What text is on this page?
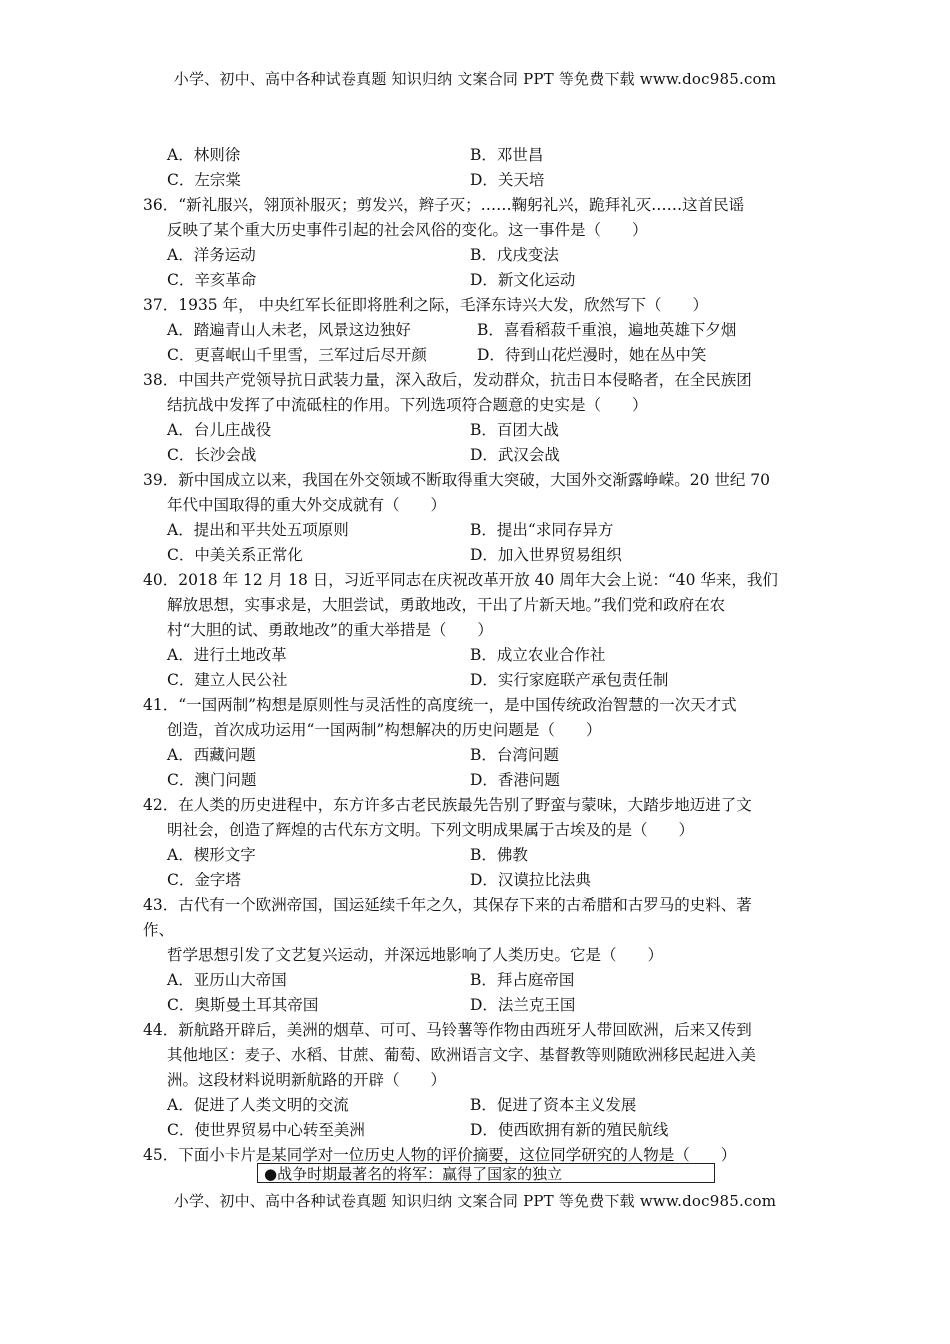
小学、初中、高中各种试卷真题 知识归纳 文案合同 PPT 等免费下载 www.doc985.com
A．林则徐	B．邓世昌
C．左宗棠	D．关天培
36．“新礼服兴，翎顶补服灭；剪发兴，辫子灭；……鞠躬礼兴，跪拜礼灭……这首民谣
反映了某个重大历史事件引起的社会风俗的变化。这一事件是（　　）
A．洋务运动	B．戊戌变法
C．辛亥革命	D．新文化运动
37．1935 年， 中央红军长征即将胜利之际，毛泽东诗兴大发，欣然写下（　　）
A．踏遍青山人未老，风景这边独好	B．喜看稻菽千重浪，遍地英雄下夕烟
C．更喜岷山千里雪，三军过后尽开颜	D．待到山花烂漫时，她在丛中笑
38．中国共产党领导抗日武装力量，深入敌后，发动群众，抗击日本侵略者，在全民族团
结抗战中发挥了中流砥柱的作用。下列选项符合题意的史实是（　　）
A．台儿庄战役	B．百团大战
C．长沙会战	D．武汉会战
39．新中国成立以来，我国在外交领域不断取得重大突破，大国外交渐露峥嵘。20 世纪 70
年代中国取得的重大外交成就有（　　）
A．提出和平共处五项原则	B．提出“求同存异方
C．中美关系正常化	D．加入世界贸易组织
40．2018 年 12 月 18 日，习近平同志在庆祝改革开放 40 周年大会上说：“40 华来，我们
解放思想，实事求是，大胆尝试，勇敢地改，干出了片新天地。”我们党和政府在农
村“大胆的试、勇敢地改”的重大举措是（　　）
A．进行土地改革	B．成立农业合作社
C．建立人民公社	D．实行家庭联产承包责任制
41．“一国两制”构想是原则性与灵活性的高度统一，是中国传统政治智慧的一次天才式
创造，首次成功运用“一国两制”构想解决的历史问题是（　　）
A．西藏问题	B．台湾问题
C．澳门问题	D．香港问题
42．在人类的历史进程中，东方许多古老民族最先告别了野蛮与蒙味，大踏步地迈进了文
明社会，创造了辉煌的古代东方文明。下列文明成果属于古埃及的是（　　）
A．楔形文字	B．佛教
C．金字塔	D．汉谟拉比法典
43．古代有一个欧洲帝国，国运延续千年之久，其保存下来的古希腊和古罗马的史料、著
作、
哲学思想引发了文艺复兴运动，并深远地影响了人类历史。它是（　　）
A．亚历山大帝国	B．拜占庭帝国
C．奥斯曼土耳其帝国	D．法兰克王国
44．新航路开辟后，美洲的烟草、可可、马铃薯等作物由西班牙人带回欧洲，后来又传到
其他地区：麦子、水稻、甘蔗、葡萄、欧洲语言文字、基督教等则随欧洲移民起进入美
洲。这段材料说明新航路的开辟（　　）
A．促进了人类文明的交流	B．促进了资本主义发展
C．使世界贸易中心转至美洲	D．使西欧拥有新的殖民航线
45．下面小卡片是某同学对一位历史人物的评价摘要，这位同学研究的人物是（　　）
●战争时期最著名的将军：赢得了国家的独立
小学、初中、高中各种试卷真题 知识归纳 文案合同 PPT 等免费下载 www.doc985.com
